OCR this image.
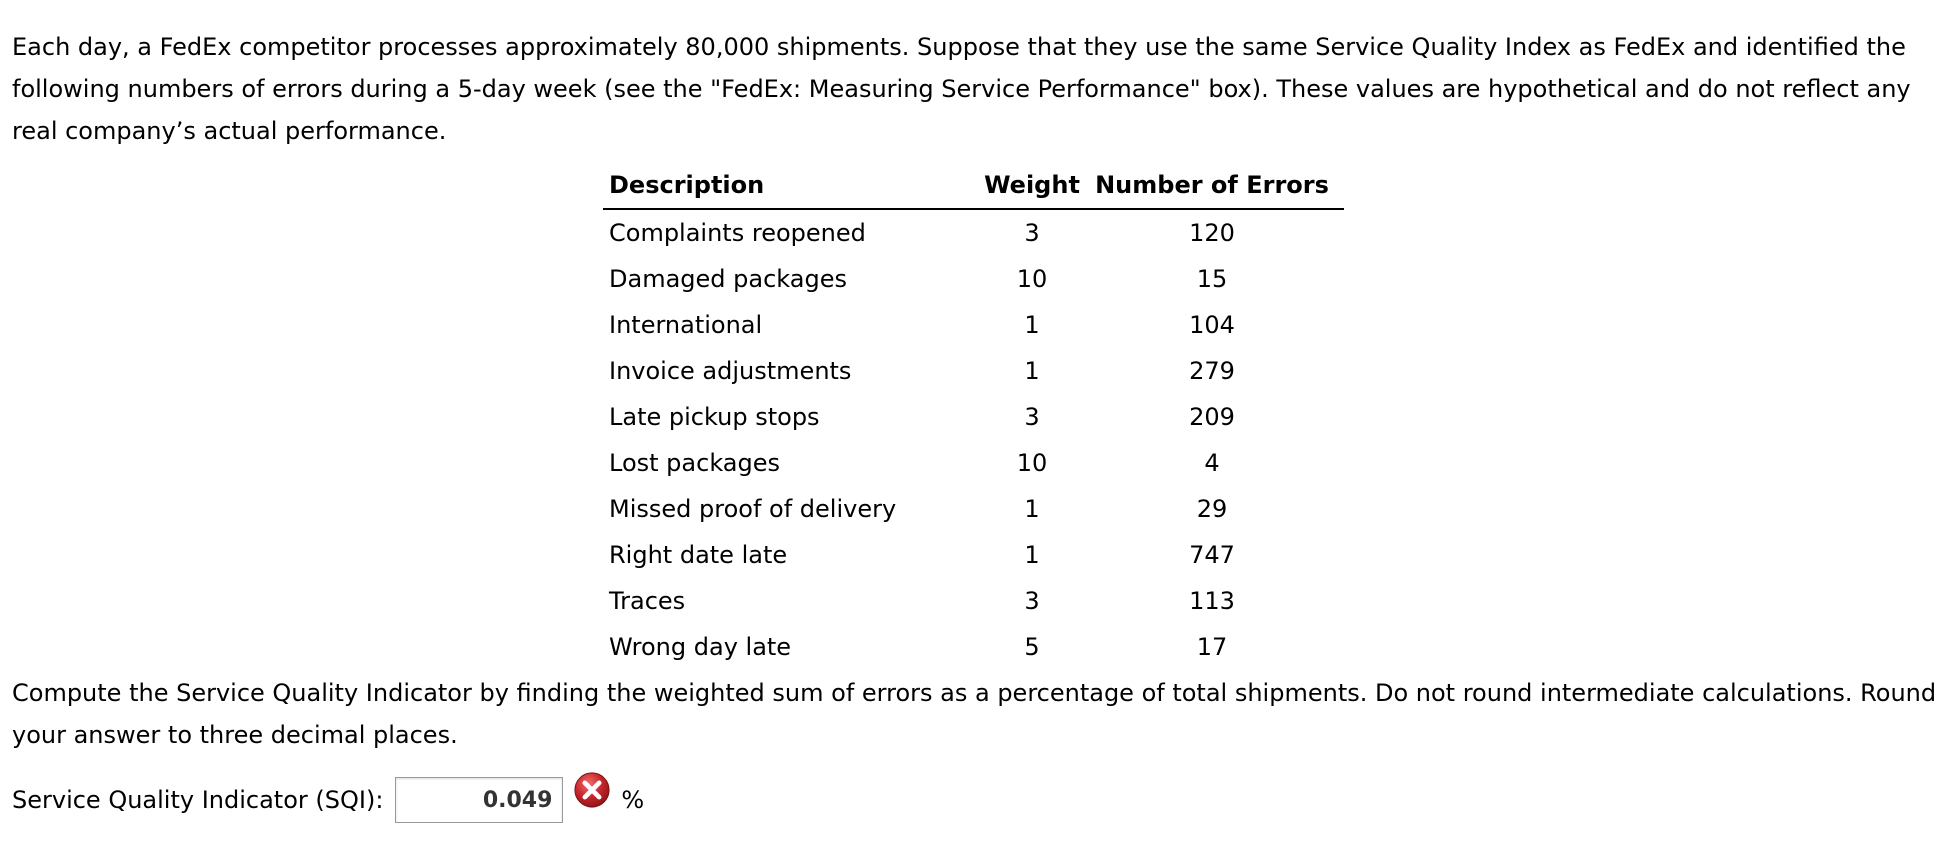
Each day, a FedEx competitor processes approximately 80,000 shipments. Suppose that they use the same Service Quality Index as FedEx and identified the following numbers of errors during a 5-day week (see the "FedEx: Measuring Service Performance" box). These values are hypothetical and do not reflect any real company’s actual performance.

Description	Weight	Number of Errors
Complaints reopened	3	120
Damaged packages	10	15
International	1	104
Invoice adjustments	1	279
Late pickup stops	3	209
Lost packages	10	4
Missed proof of delivery	1	29
Right date late	1	747
Traces	3	113
Wrong day late	5	17

Compute the Service Quality Indicator by finding the weighted sum of errors as a percentage of total shipments. Do not round intermediate calculations. Round your answer to three decimal places.

Service Quality Indicator (SQI):
0.049	%
